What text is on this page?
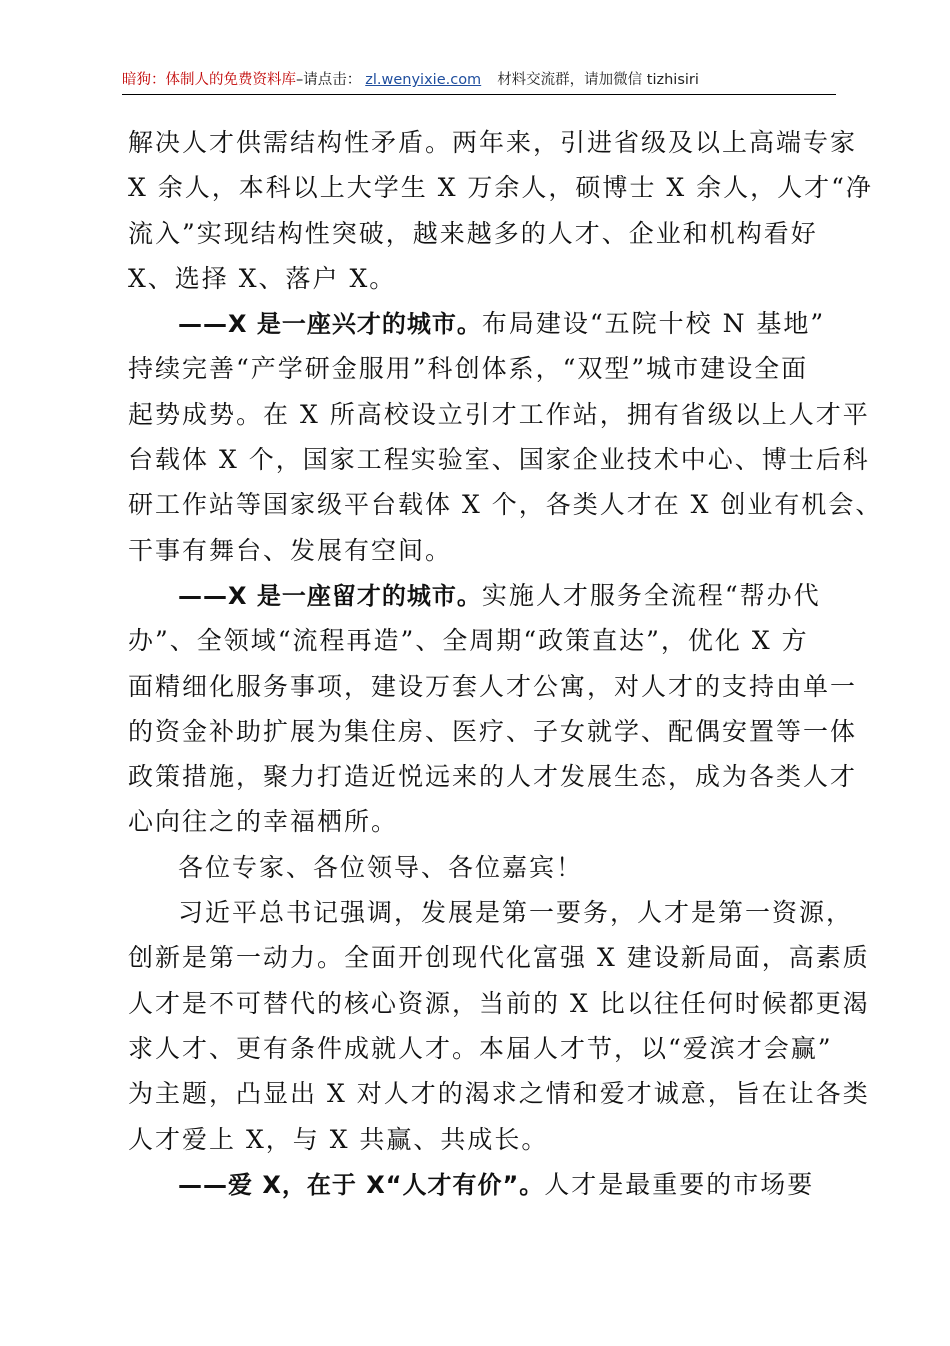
暗狗：体制人的免费资料库–请点击： zl.wenyixie.com 材料交流群，请加微信 tizhisiri
解决人才供需结构性矛盾。两年来，引进省级及以上高端专家
X 余人，本科以上大学生 X 万余人，硕博士 X 余人，人才“净
流入”实现结构性突破，越来越多的人才、企业和机构看好
X、选择 X、落户 X。
——X 是一座兴才的城市。布局建设“五院十校 N 基地”
持续完善“产学研金服用”科创体系，“双型”城市建设全面
起势成势。在 X 所高校设立引才工作站，拥有省级以上人才平
台载体 X 个，国家工程实验室、国家企业技术中心、博士后科
研工作站等国家级平台载体 X 个，各类人才在 X 创业有机会、
干事有舞台、发展有空间。
——X 是一座留才的城市。实施人才服务全流程“帮办代
办”、全领域“流程再造”、全周期“政策直达”，优化 X 方
面精细化服务事项，建设万套人才公寓，对人才的支持由单一
的资金补助扩展为集住房、医疗、子女就学、配偶安置等一体
政策措施，聚力打造近悦远来的人才发展生态，成为各类人才
心向往之的幸福栖所。
各位专家、各位领导、各位嘉宾！
习近平总书记强调，发展是第一要务，人才是第一资源，
创新是第一动力。全面开创现代化富强 X 建设新局面，高素质
人才是不可替代的核心资源，当前的 X 比以往任何时候都更渴
求人才、更有条件成就人才。本届人才节，以“爱滨才会赢”
为主题，凸显出 X 对人才的渴求之情和爱才诚意，旨在让各类
人才爱上 X，与 X 共赢、共成长。
——爱 X，在于 X“人才有价”。人才是最重要的市场要
